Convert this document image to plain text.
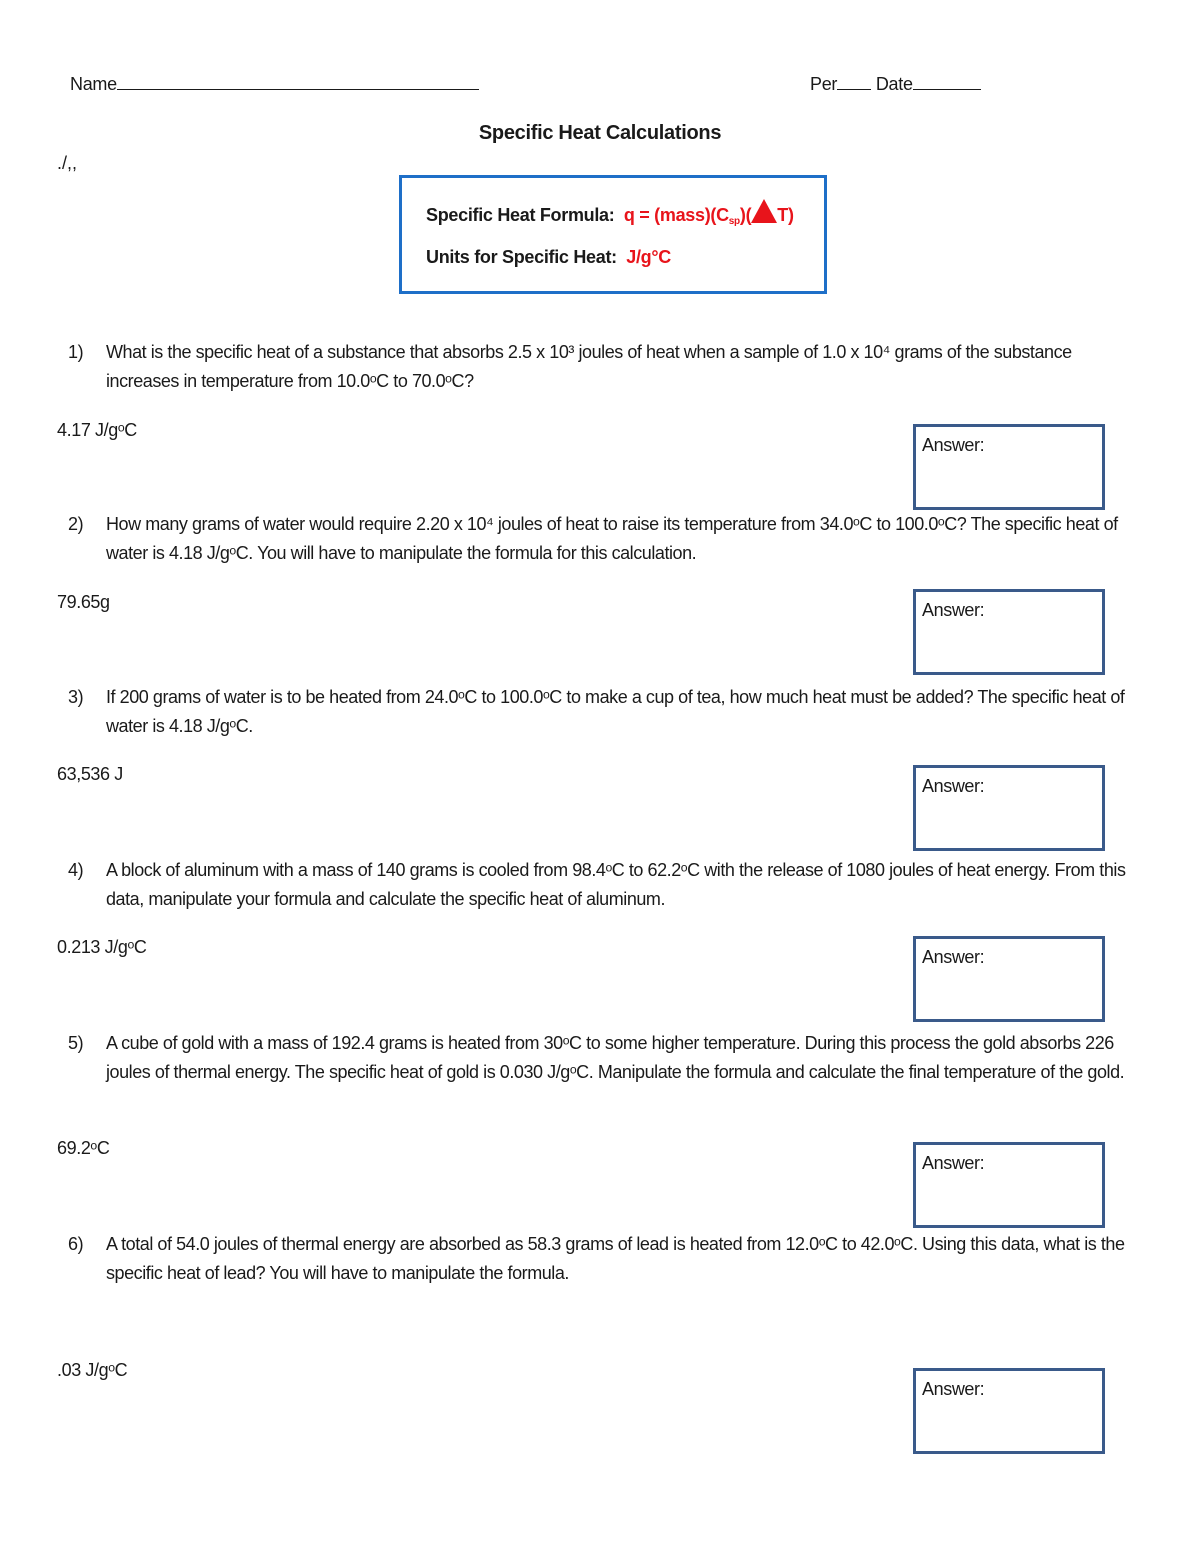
Name	Per Date
Specific Heat Calculations
./,,
Specific Heat Formula: $q = (mass)(C_{sp})$( T)
Units for Specific Heat: J/g°C
1) What is the specific heat of a substance that absorbs 2.5 x 10³ joules of heat when a sample of 1.0 x 10⁴ grams of the substance increases in temperature from 10.0ᵒC to 70.0ᵒC?
4.17 J/gᵒC
Answer:
2) How many grams of water would require 2.20 x 10⁴ joules of heat to raise its temperature from 34.0ᵒC to 100.0ᵒC? The specific heat of water is 4.18 J/gᵒC. You will have to manipulate the formula for this calculation.
79.65g	Answer:
3) If 200 grams of water is to be heated from 24.0ᵒC to 100.0ᵒC to make a cup of tea, how much heat must be added? The specific heat of water is 4.18 J/gᵒC.
63,536 J
Answer:
4) A block of aluminum with a mass of 140 grams is cooled from 98.4ᵒC to 62.2ᵒC with the release of 1080 joules of heat energy. From this data, manipulate your formula and calculate the specific heat of aluminum.
0.213 J/gᵒC	Answer:
5) A cube of gold with a mass of 192.4 grams is heated from 30ᵒC to some higher temperature. During this process the gold absorbs 226 joules of thermal energy. The specific heat of gold is 0.030 J/gᵒC. Manipulate the formula and calculate the final temperature of the gold.
69.2ᵒC
Answer:
6) A total of 54.0 joules of thermal energy are absorbed as 58.3 grams of lead is heated from 12.0ᵒC to 42.0ᵒC. Using this data, what is the specific heat of lead? You will have to manipulate the formula.
.03 J/gᵒC
Answer:
